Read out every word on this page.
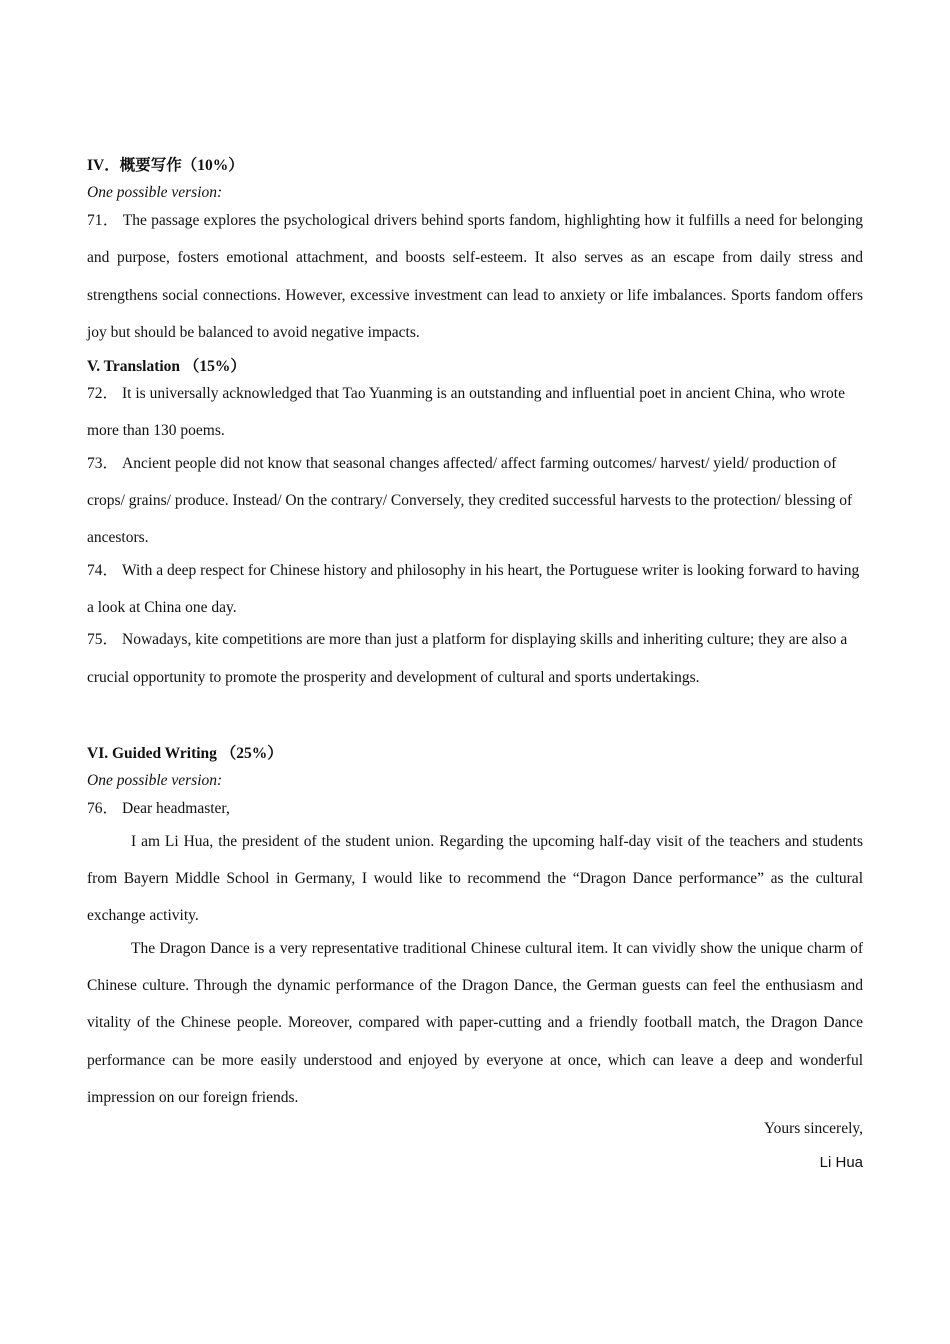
IV．概要写作（10%）
One possible version:
71． The passage explores the psychological drivers behind sports fandom, highlighting how it fulfills a need for belonging and purpose, fosters emotional attachment, and boosts self-esteem. It also serves as an escape from daily stress and strengthens social connections. However, excessive investment can lead to anxiety or life imbalances. Sports fandom offers joy but should be balanced to avoid negative impacts.
V. Translation （15%）
72． It is universally acknowledged that Tao Yuanming is an outstanding and influential poet in ancient China, who wrote more than 130 poems.
73． Ancient people did not know that seasonal changes affected/ affect farming outcomes/ harvest/ yield/ production of crops/ grains/ produce. Instead/ On the contrary/ Conversely, they credited successful harvests to the protection/ blessing of ancestors.
74． With a deep respect for Chinese history and philosophy in his heart, the Portuguese writer is looking forward to having a look at China one day.
75． Nowadays, kite competitions are more than just a platform for displaying skills and inheriting culture; they are also a crucial opportunity to promote the prosperity and development of cultural and sports undertakings.
VI. Guided Writing （25%）
One possible version:
76． Dear headmaster,
I am Li Hua, the president of the student union. Regarding the upcoming half-day visit of the teachers and students from Bayern Middle School in Germany, I would like to recommend the “Dragon Dance performance” as the cultural exchange activity.
The Dragon Dance is a very representative traditional Chinese cultural item. It can vividly show the unique charm of Chinese culture. Through the dynamic performance of the Dragon Dance, the German guests can feel the enthusiasm and vitality of the Chinese people. Moreover, compared with paper-cutting and a friendly football match, the Dragon Dance performance can be more easily understood and enjoyed by everyone at once, which can leave a deep and wonderful impression on our foreign friends.
Yours sincerely,
Li Hua
